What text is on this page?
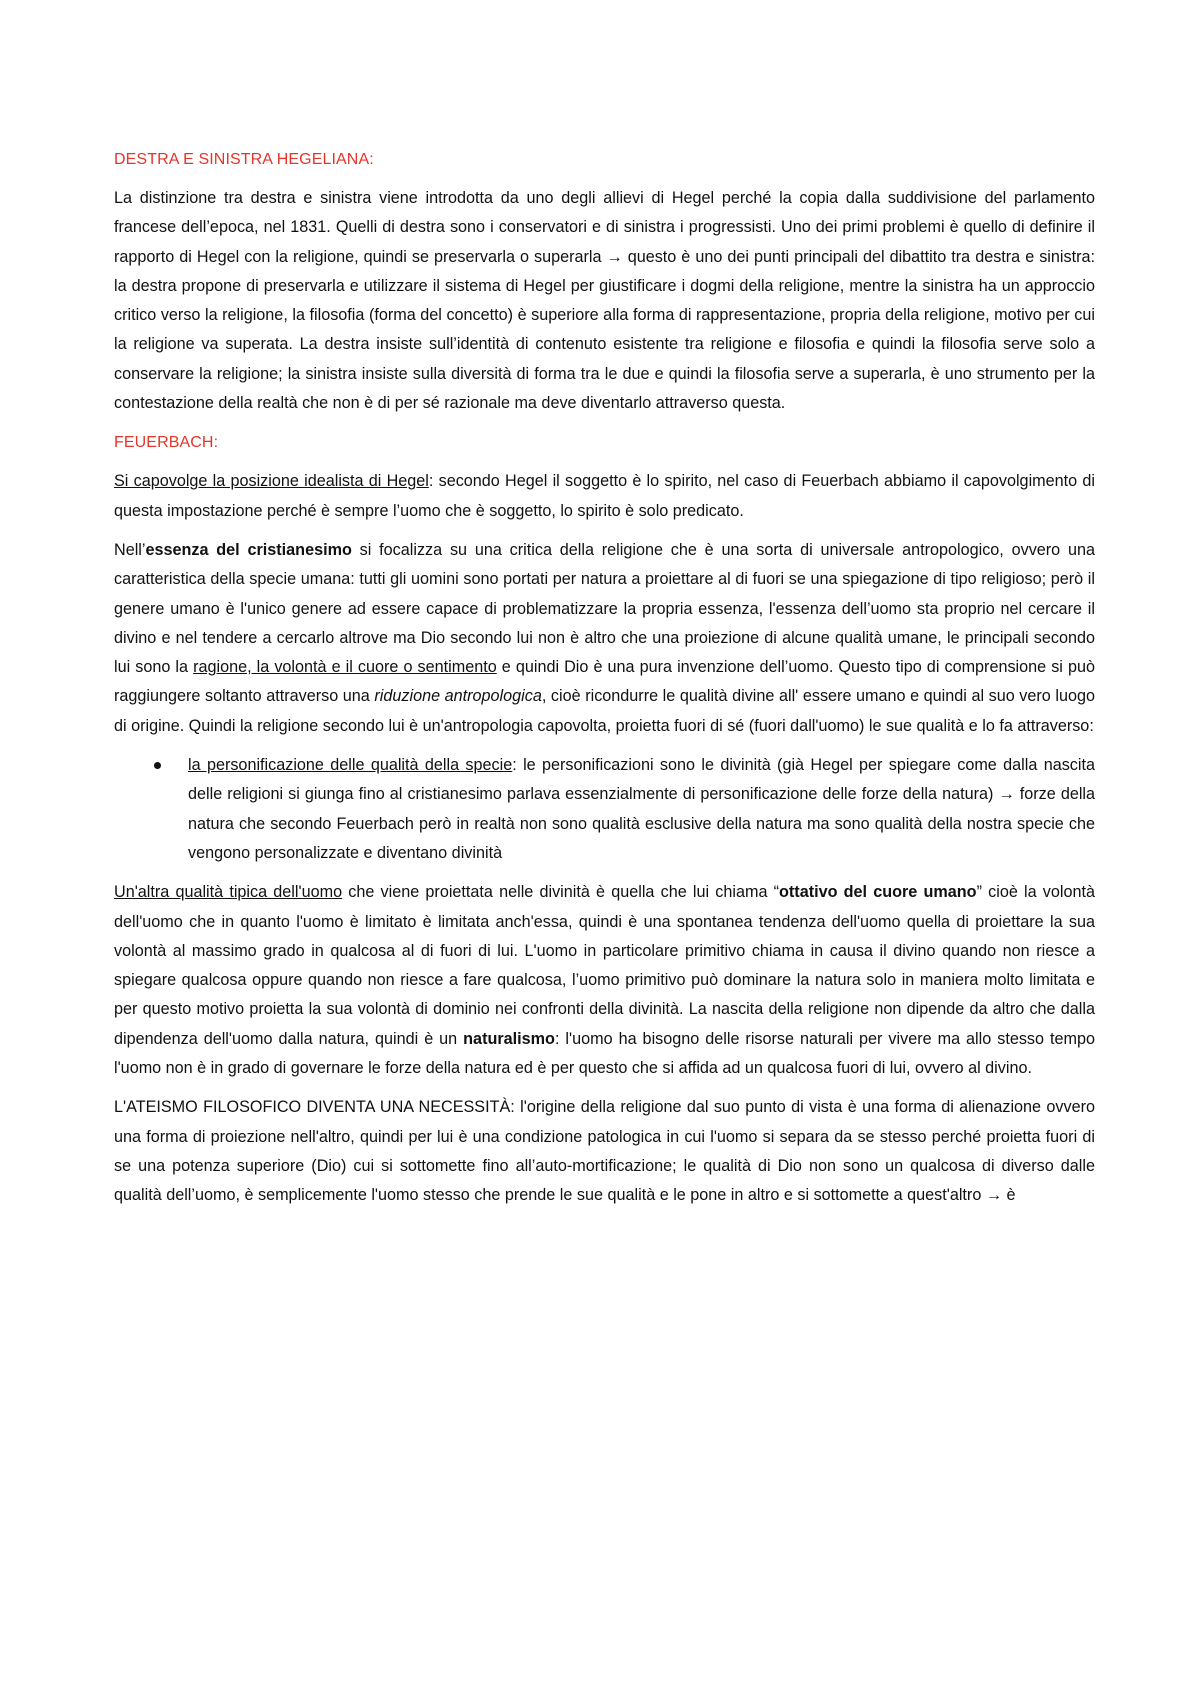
DESTRA E SINISTRA HEGELIANA:

La distinzione tra destra e sinistra viene introdotta da uno degli allievi di Hegel perché la copia dalla suddivisione del parlamento francese dell’epoca, nel 1831. Quelli di destra sono i conservatori e di sinistra i progressisti. Uno dei primi problemi è quello di definire il rapporto di Hegel con la religione, quindi se preservarla o superarla → questo è uno dei punti principali del dibattito tra destra e sinistra: la destra propone di preservarla e utilizzare il sistema di Hegel per giustificare i dogmi della religione, mentre la sinistra ha un approccio critico verso la religione, la filosofia (forma del concetto) è superiore alla forma di rappresentazione, propria della religione, motivo per cui la religione va superata. La destra insiste sull’identità di contenuto esistente tra religione e filosofia e quindi la filosofia serve solo a conservare la religione; la sinistra insiste sulla diversità di forma tra le due e quindi la filosofia serve a superarla, è uno strumento per la contestazione della realtà che non è di per sé razionale ma deve diventarlo attraverso questa.

FEUERBACH:

Si capovolge la posizione idealista di Hegel: secondo Hegel il soggetto è lo spirito, nel caso di Feuerbach abbiamo il capovolgimento di questa impostazione perché è sempre l’uomo che è soggetto, lo spirito è solo predicato.

Nell’essenza del cristianesimo si focalizza su una critica della religione che è una sorta di universale antropologico, ovvero una caratteristica della specie umana: tutti gli uomini sono portati per natura a proiettare al di fuori se una spiegazione di tipo religioso; però il genere umano è l'unico genere ad essere capace di problematizzare la propria essenza, l'essenza dell’uomo sta proprio nel cercare il divino e nel tendere a cercarlo altrove ma Dio secondo lui non è altro che una proiezione di alcune qualità umane, le principali secondo lui sono la ragione, la volontà e il cuore o sentimento e quindi Dio è una pura invenzione dell’uomo. Questo tipo di comprensione si può raggiungere soltanto attraverso una riduzione antropologica, cioè ricondurre le qualità divine all' essere umano e quindi al suo vero luogo di origine. Quindi la religione secondo lui è un'antropologia capovolta, proietta fuori di sé (fuori dall'uomo) le sue qualità e lo fa attraverso:

la personificazione delle qualità della specie: le personificazioni sono le divinità (già Hegel per spiegare come dalla nascita delle religioni si giunga fino al cristianesimo parlava essenzialmente di personificazione delle forze della natura) → forze della natura che secondo Feuerbach però in realtà non sono qualità esclusive della natura ma sono qualità della nostra specie che vengono personalizzate e diventano divinità

Un'altra qualità tipica dell'uomo che viene proiettata nelle divinità è quella che lui chiama “ottativo del cuore umano” cioè la volontà dell'uomo che in quanto l'uomo è limitato è limitata anch'essa, quindi è una spontanea tendenza dell'uomo quella di proiettare la sua volontà al massimo grado in qualcosa al di fuori di lui. L'uomo in particolare primitivo chiama in causa il divino quando non riesce a spiegare qualcosa oppure quando non riesce a fare qualcosa, l’uomo primitivo può dominare la natura solo in maniera molto limitata e per questo motivo proietta la sua volontà di dominio nei confronti della divinità. La nascita della religione non dipende da altro che dalla dipendenza dell'uomo dalla natura, quindi è un naturalismo: l'uomo ha bisogno delle risorse naturali per vivere ma allo stesso tempo l'uomo non è in grado di governare le forze della natura ed è per questo che si affida ad un qualcosa fuori di lui, ovvero al divino.

L'ATEISMO FILOSOFICO DIVENTA UNA NECESSITÀ: l'origine della religione dal suo punto di vista è una forma di alienazione ovvero una forma di proiezione nell'altro, quindi per lui è una condizione patologica in cui l'uomo si separa da se stesso perché proietta fuori di se una potenza superiore (Dio) cui si sottomette fino all’auto-mortificazione; le qualità di Dio non sono un qualcosa di diverso dalle qualità dell’uomo, è semplicemente l'uomo stesso che prende le sue qualità e le pone in altro e si sottomette a quest'altro → è
